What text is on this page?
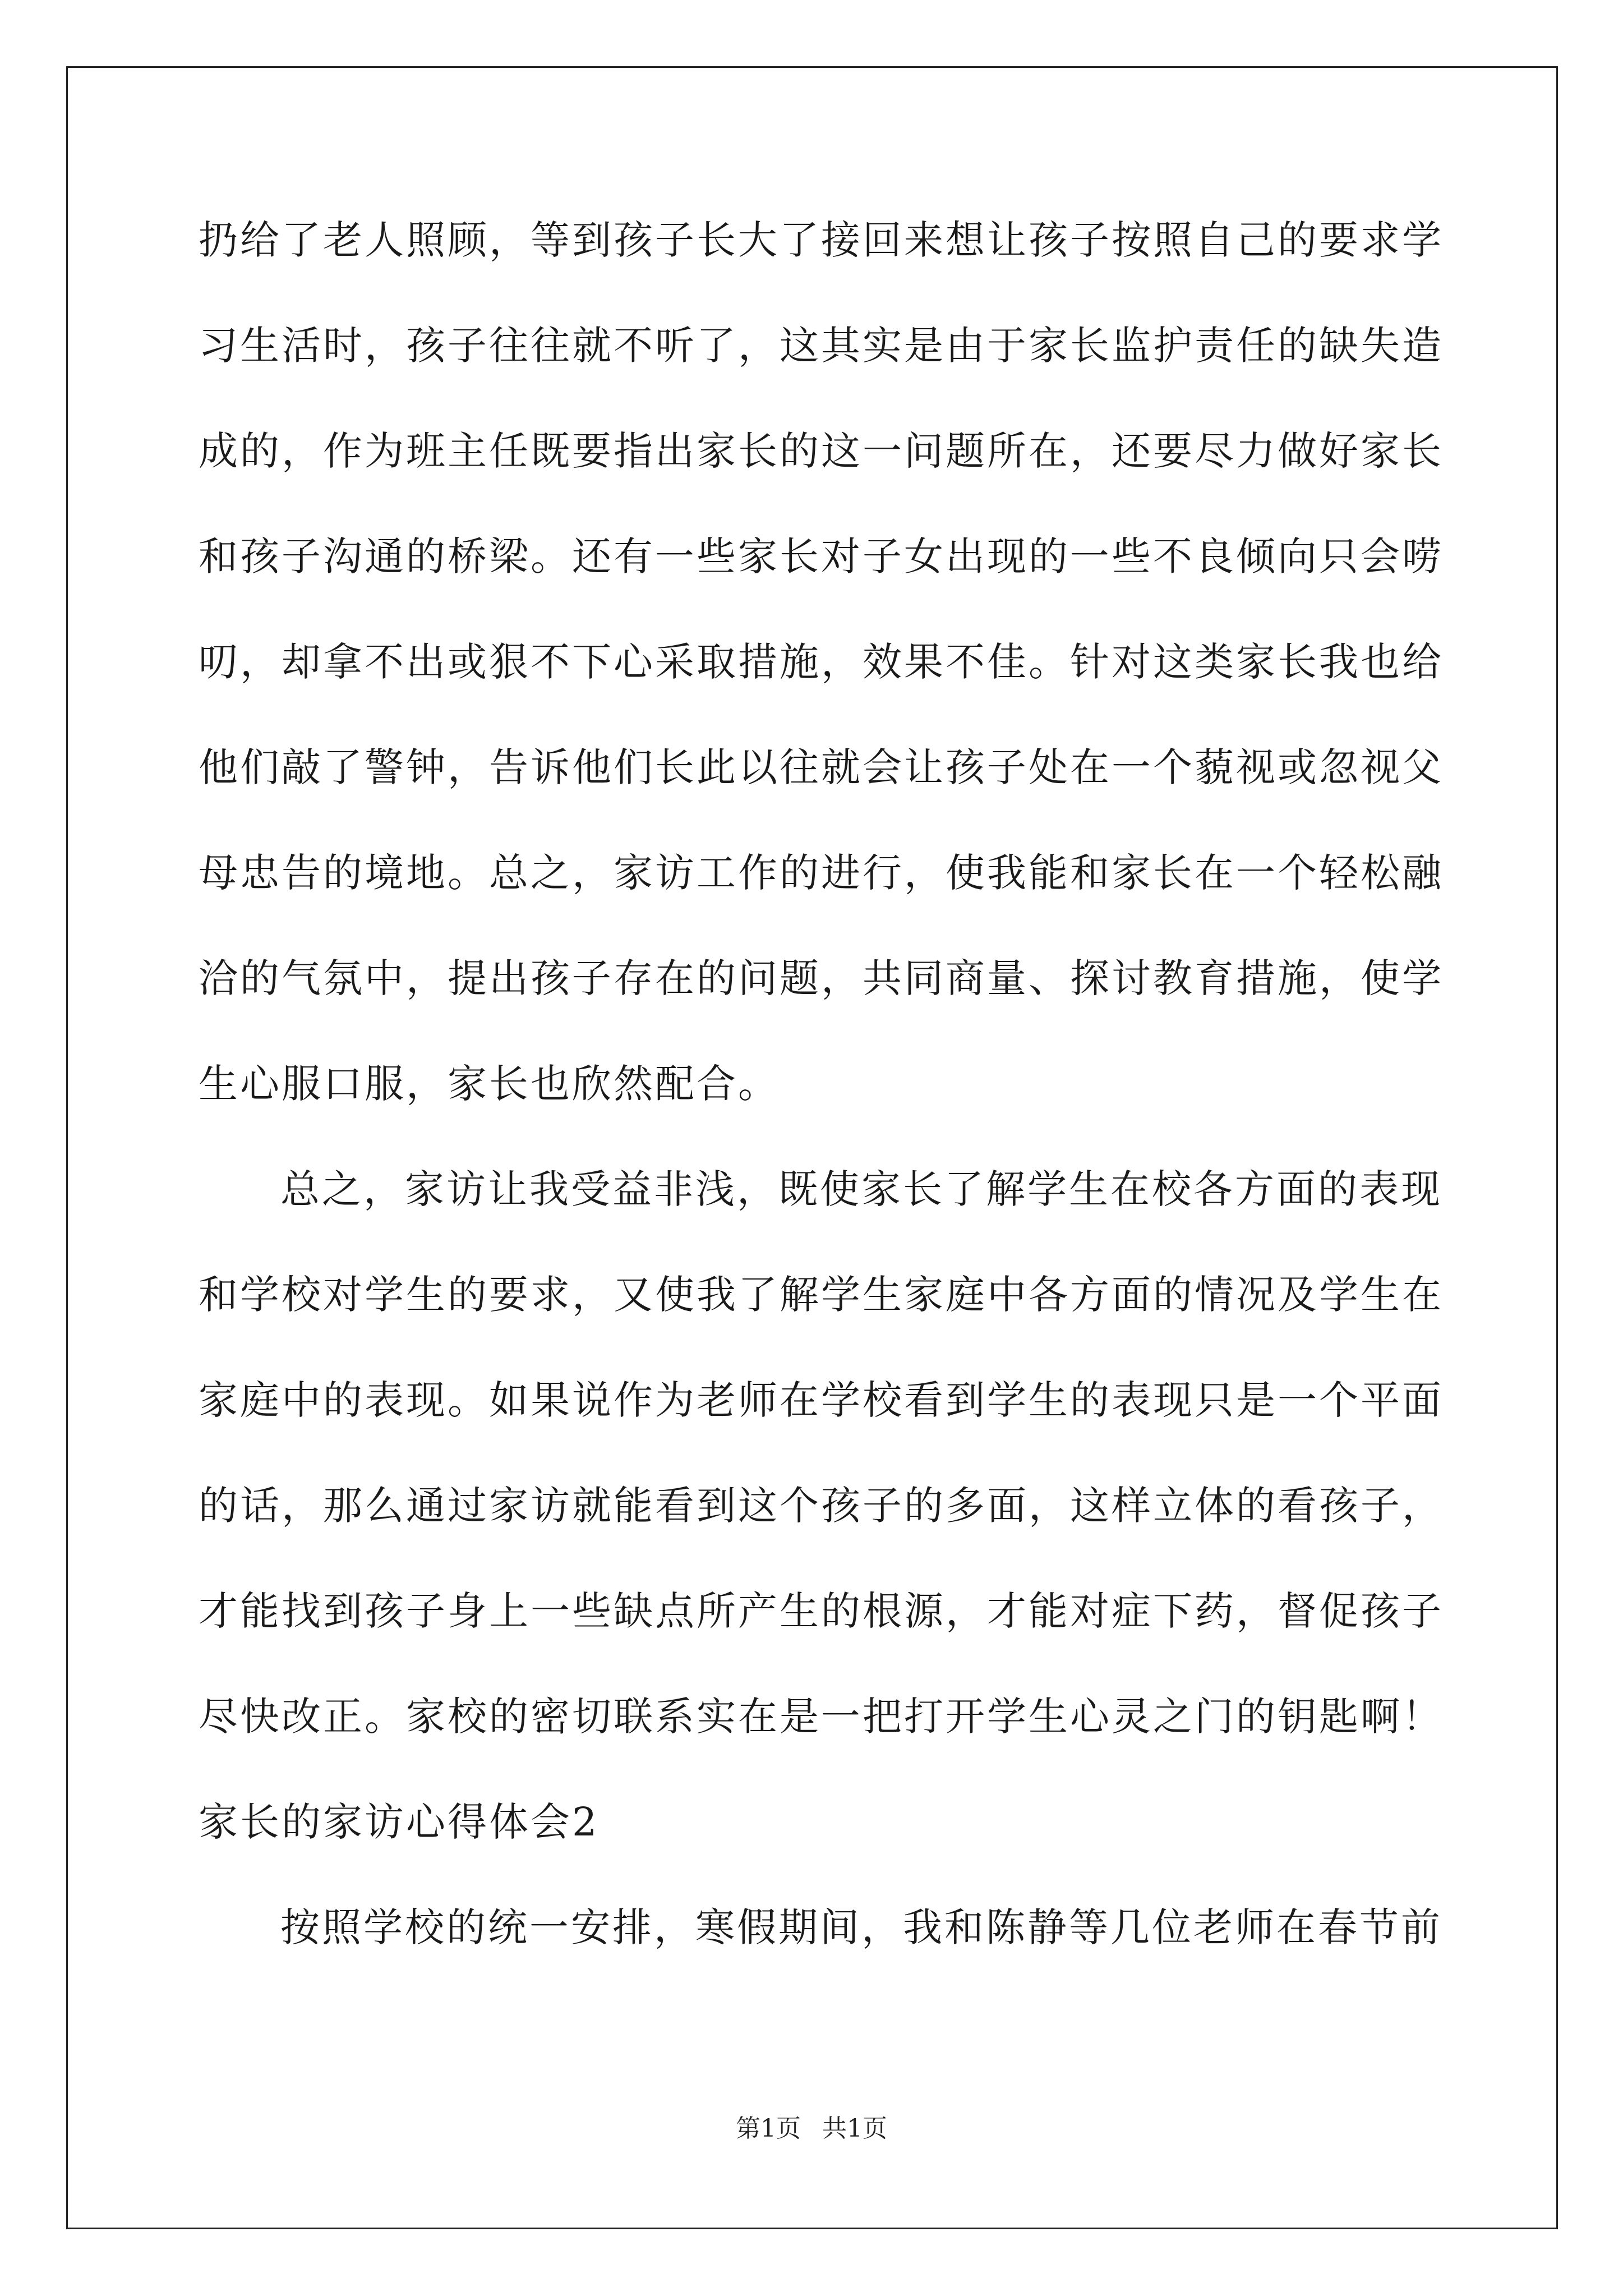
扔给了老人照顾，等到孩子长大了接回来想让孩子按照自己的要求学
习生活时，孩子往往就不听了，这其实是由于家长监护责任的缺失造
成的，作为班主任既要指出家长的这一问题所在，还要尽力做好家长
和孩子沟通的桥梁。还有一些家长对子女出现的一些不良倾向只会唠
叨，却拿不出或狠不下心采取措施，效果不佳。针对这类家长我也给
他们敲了警钟，告诉他们长此以往就会让孩子处在一个藐视或忽视父
母忠告的境地。总之，家访工作的进行，使我能和家长在一个轻松融
洽的气氛中，提出孩子存在的问题，共同商量、探讨教育措施，使学
生心服口服，家长也欣然配合。
总之，家访让我受益非浅，既使家长了解学生在校各方面的表现
和学校对学生的要求，又使我了解学生家庭中各方面的情况及学生在
家庭中的表现。如果说作为老师在学校看到学生的表现只是一个平面
的话，那么通过家访就能看到这个孩子的多面，这样立体的看孩子，
才能找到孩子身上一些缺点所产生的根源，才能对症下药，督促孩子
尽快改正。家校的密切联系实在是一把打开学生心灵之门的钥匙啊！
家长的家访心得体会2
按照学校的统一安排，寒假期间，我和陈静等几位老师在春节前
第1页 共1页
